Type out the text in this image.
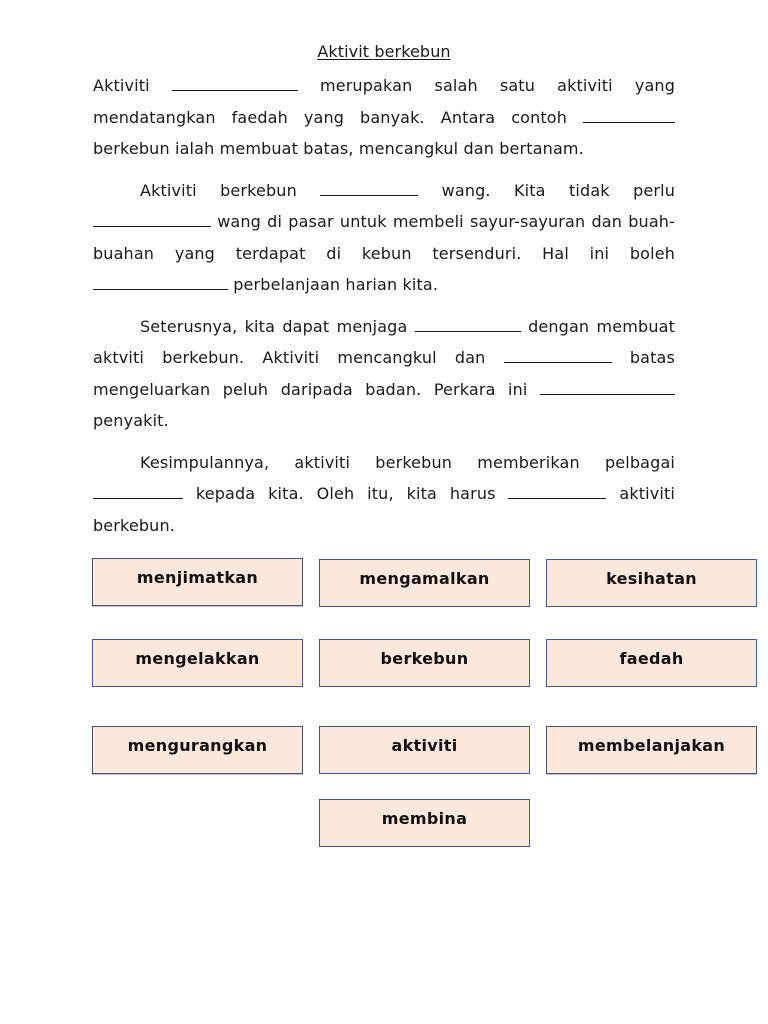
Aktivit berkebun

Aktiviti	merupakan salah satu aktiviti yang mendatangkan faedah yang banyak. Antara contoh  berkebun ialah membuat batas, mencangkul dan bertanam.

Aktiviti berkebun	wang. Kita tidak perlu  wang di pasar untuk membeli sayur-sayuran dan buah-buahan yang terdapat di kebun tersenduri. Hal ini boleh  perbelanjaan harian kita.

Seterusnya, kita dapat menjaga	dengan membuat aktviti berkebun. Aktiviti mencangkul dan	batas mengeluarkan peluh daripada badan. Perkara ini  penyakit.

Kesimpulannya, aktiviti berkebun memberikan pelbagai  kepada kita. Oleh itu, kita harus	aktiviti berkebun.

menjimatkan	mengamalkan	kesihatan
mengelakkan	berkebun	faedah
mengurangkan	aktiviti	membelanjakan
membina
